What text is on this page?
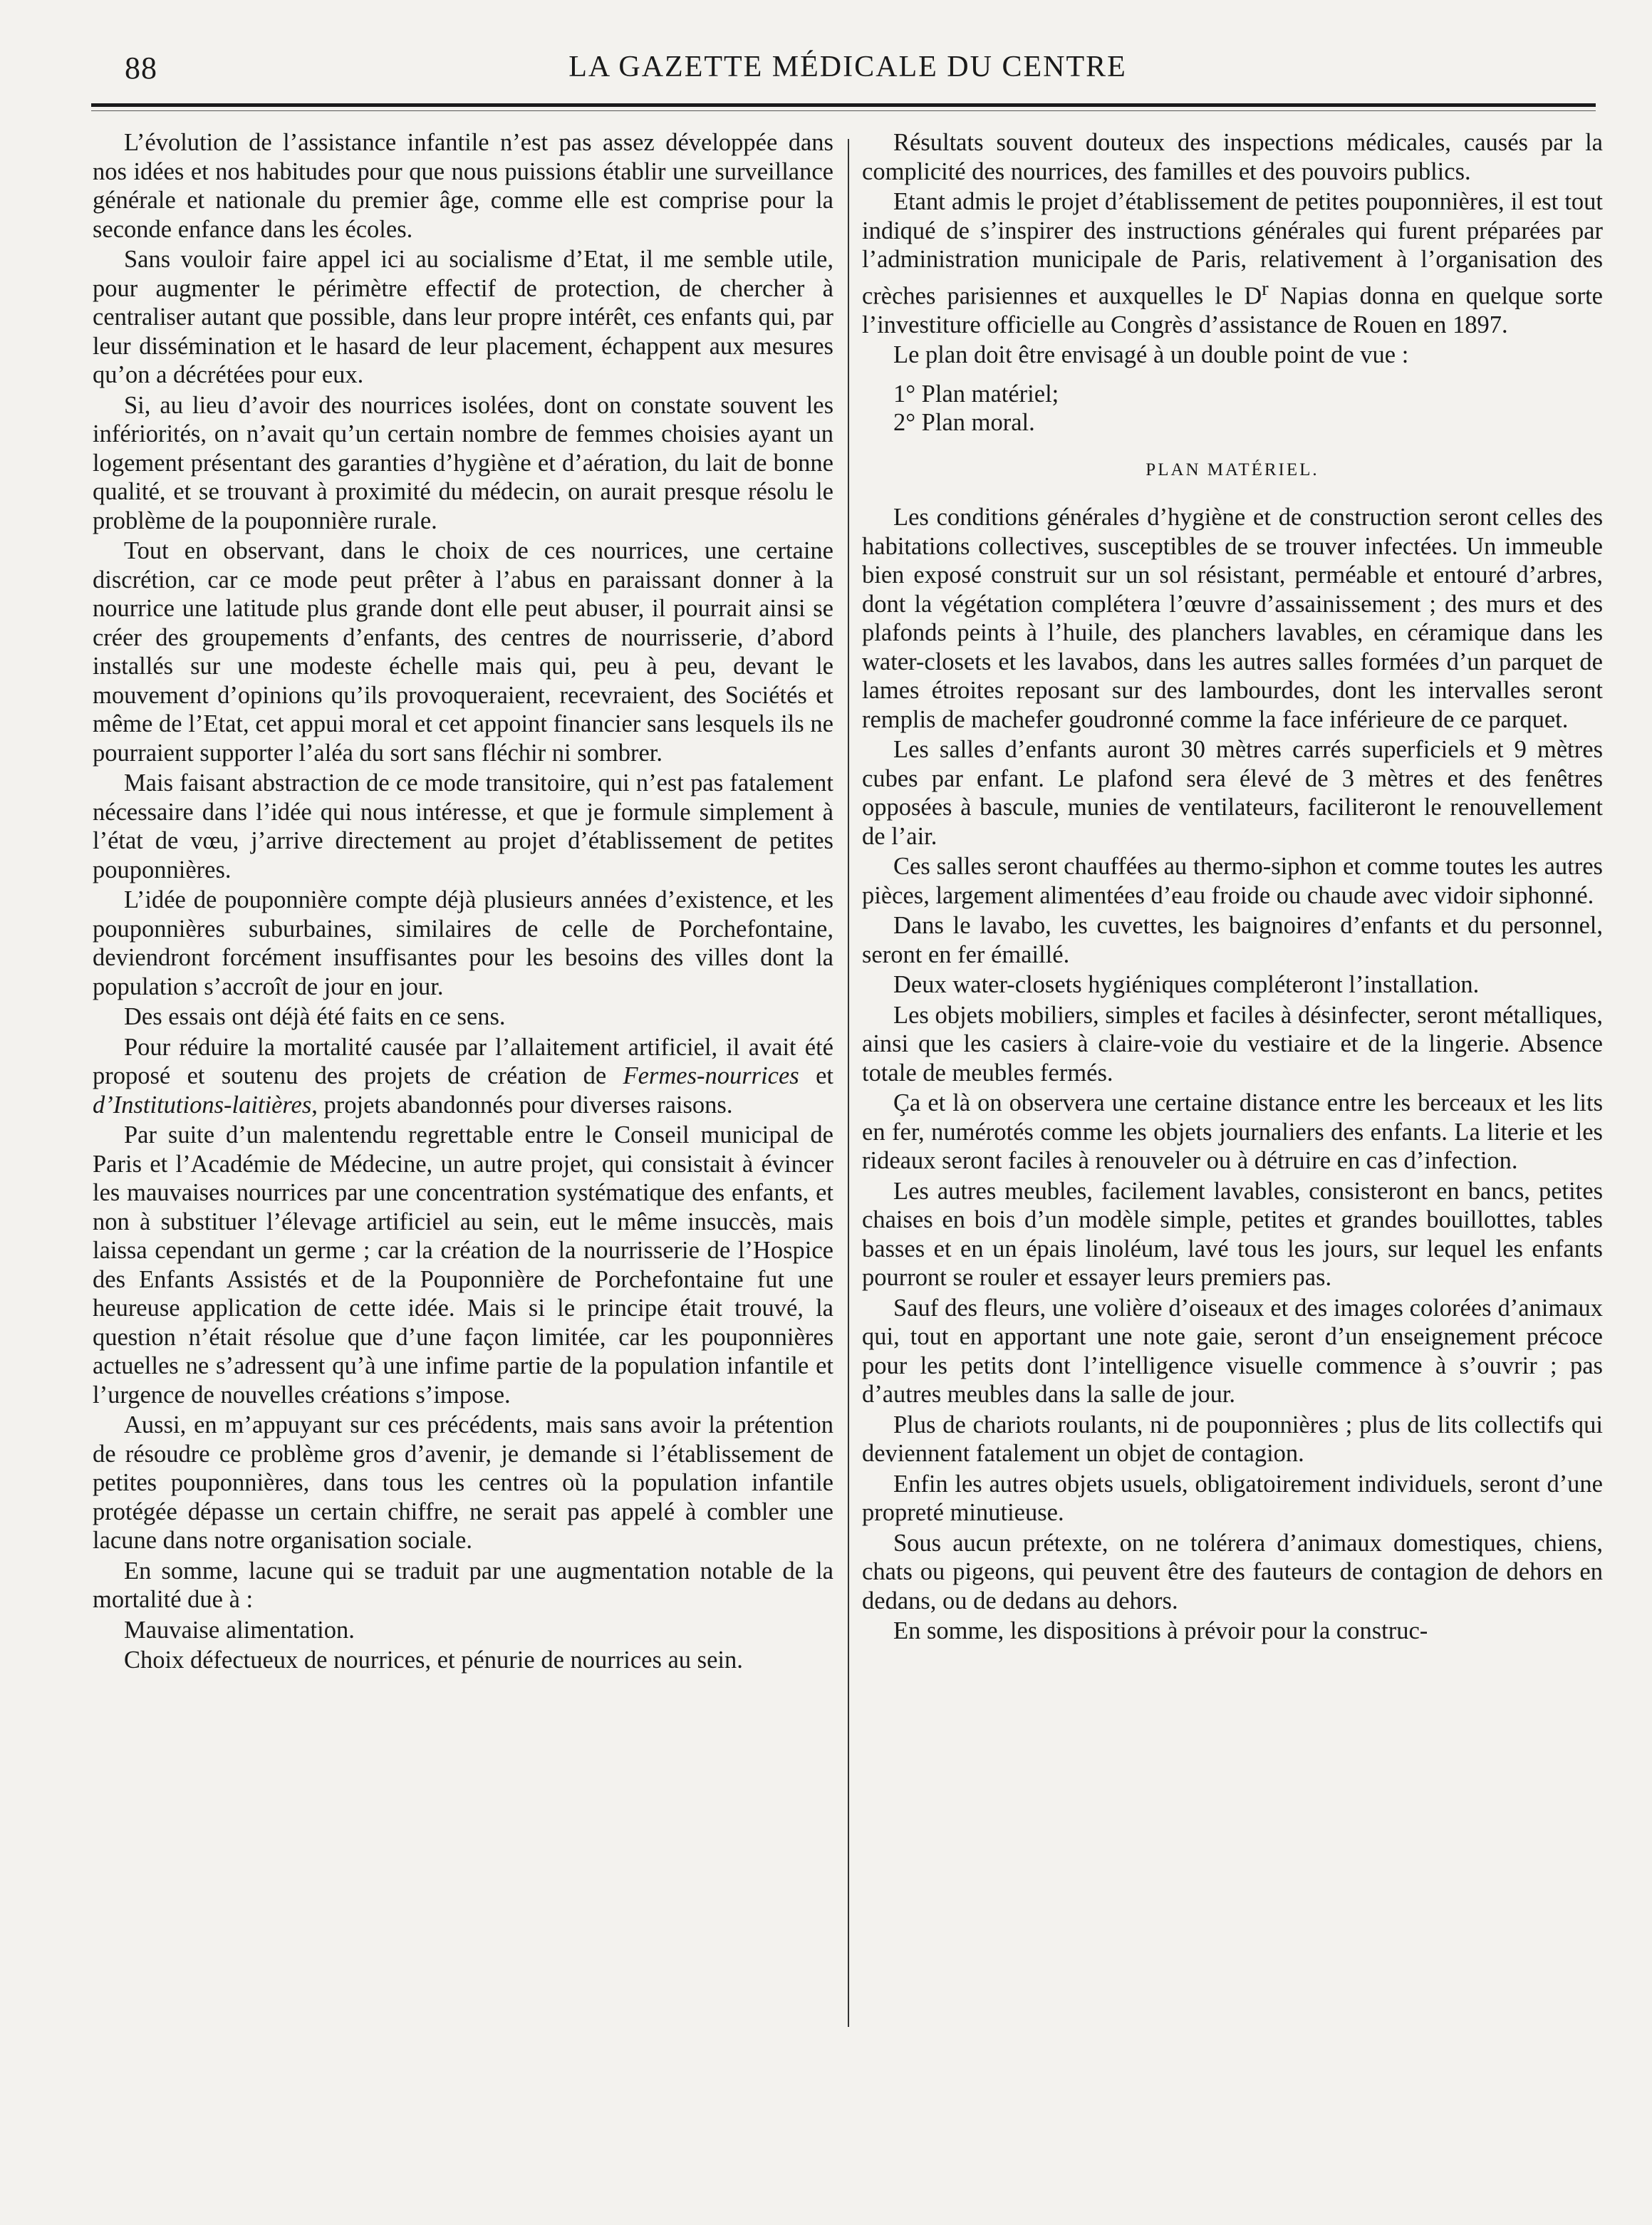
88	LA GAZETTE MÉDICALE DU CENTRE

L’évolution de l’assistance infantile n’est pas assez développée dans nos idées et nos habitudes pour que nous puissions établir une surveillance générale et nationale du premier âge, comme elle est comprise pour la seconde enfance dans les écoles.

Sans vouloir faire appel ici au socialisme d’Etat, il me semble utile, pour augmenter le périmètre effectif de protection, de chercher à centraliser autant que possible, dans leur propre intérêt, ces enfants qui, par leur dissémination et le hasard de leur placement, échappent aux mesures qu’on a décrétées pour eux.

Si, au lieu d’avoir des nourrices isolées, dont on constate souvent les infériorités, on n’avait qu’un certain nombre de femmes choisies ayant un logement présentant des garanties d’hygiène et d’aération, du lait de bonne qualité, et se trouvant à proximité du médecin, on aurait presque résolu le problème de la pouponnière rurale.

Tout en observant, dans le choix de ces nourrices, une certaine discrétion, car ce mode peut prêter à l’abus en paraissant donner à la nourrice une latitude plus grande dont elle peut abuser, il pourrait ainsi se créer des groupements d’enfants, des centres de nourrisserie, d’abord installés sur une modeste échelle mais qui, peu à peu, devant le mouvement d’opinions qu’ils provoqueraient, recevraient, des Sociétés et même de l’Etat, cet appui moral et cet appoint financier sans lesquels ils ne pourraient supporter l’aléa du sort sans fléchir ni sombrer.

Mais faisant abstraction de ce mode transitoire, qui n’est pas fatalement nécessaire dans l’idée qui nous intéresse, et que je formule simplement à l’état de vœu, j’arrive directement au projet d’établissement de petites pouponnières.

L’idée de pouponnière compte déjà plusieurs années d’existence, et les pouponnières suburbaines, similaires de celle de Porchefontaine, deviendront forcément insuffisantes pour les besoins des villes dont la population s’accroît de jour en jour.

Des essais ont déjà été faits en ce sens.

Pour réduire la mortalité causée par l’allaitement artificiel, il avait été proposé et soutenu des projets de création de Fermes-nourrices et d’Institutions-laitières, projets abandonnés pour diverses raisons.

Par suite d’un malentendu regrettable entre le Conseil municipal de Paris et l’Académie de Médecine, un autre projet, qui consistait à évincer les mauvaises nourrices par une concentration systématique des enfants, et non à substituer l’élevage artificiel au sein, eut le même insuccès, mais laissa cependant un germe ; car la création de la nourrisserie de l’Hospice des Enfants Assistés et de la Pouponnière de Porchefontaine fut une heureuse application de cette idée. Mais si le principe était trouvé, la question n’était résolue que d’une façon limitée, car les pouponnières actuelles ne s’adressent qu’à une infime partie de la population infantile et l’urgence de nouvelles créations s’impose.

Aussi, en m’appuyant sur ces précédents, mais sans avoir la prétention de résoudre ce problème gros d’avenir, je demande si l’établissement de petites pouponnières, dans tous les centres où la population infantile protégée dépasse un certain chiffre, ne serait pas appelé à combler une lacune dans notre organisation sociale.

En somme, lacune qui se traduit par une augmentation notable de la mortalité due à :

Mauvaise alimentation.

Choix défectueux de nourrices, et pénurie de nourrices au sein.

Résultats souvent douteux des inspections médicales, causés par la complicité des nourrices, des familles et des pouvoirs publics.

Etant admis le projet d’établissement de petites pouponnières, il est tout indiqué de s’inspirer des instructions générales qui furent préparées par l’administration municipale de Paris, relativement à l’organisation des crèches parisiennes et auxquelles le $D^r$ Napias donna en quelque sorte l’investiture officielle au Congrès d’assistance de Rouen en 1897.

Le plan doit être envisagé à un double point de vue :

1° Plan matériel;

2° Plan moral.

PLAN MATÉRIEL.

Les conditions générales d’hygiène et de construction seront celles des habitations collectives, susceptibles de se trouver infectées. Un immeuble bien exposé construit sur un sol résistant, perméable et entouré d’arbres, dont la végétation complétera l’œuvre d’assainissement ; des murs et des plafonds peints à l’huile, des planchers lavables, en céramique dans les water-closets et les lavabos, dans les autres salles formées d’un parquet de lames étroites reposant sur des lambourdes, dont les intervalles seront remplis de machefer goudronné comme la face inférieure de ce parquet.

Les salles d’enfants auront 30 mètres carrés superficiels et 9 mètres cubes par enfant. Le plafond sera élevé de 3 mètres et des fenêtres opposées à bascule, munies de ventilateurs, faciliteront le renouvellement de l’air.

Ces salles seront chauffées au thermo-siphon et comme toutes les autres pièces, largement alimentées d’eau froide ou chaude avec vidoir siphonné.

Dans le lavabo, les cuvettes, les baignoires d’enfants et du personnel, seront en fer émaillé.

Deux water-closets hygiéniques compléteront l’installation.

Les objets mobiliers, simples et faciles à désinfecter, seront métalliques, ainsi que les casiers à claire-voie du vestiaire et de la lingerie. Absence totale de meubles fermés.

Ça et là on observera une certaine distance entre les berceaux et les lits en fer, numérotés comme les objets journaliers des enfants. La literie et les rideaux seront faciles à renouveler ou à détruire en cas d’infection.

Les autres meubles, facilement lavables, consisteront en bancs, petites chaises en bois d’un modèle simple, petites et grandes bouillottes, tables basses et en un épais linoléum, lavé tous les jours, sur lequel les enfants pourront se rouler et essayer leurs premiers pas.

Sauf des fleurs, une volière d’oiseaux et des images colorées d’animaux qui, tout en apportant une note gaie, seront d’un enseignement précoce pour les petits dont l’intelligence visuelle commence à s’ouvrir ; pas d’autres meubles dans la salle de jour.

Plus de chariots roulants, ni de pouponnières ; plus de lits collectifs qui deviennent fatalement un objet de contagion.

Enfin les autres objets usuels, obligatoirement individuels, seront d’une propreté minutieuse.

Sous aucun prétexte, on ne tolérera d’animaux domestiques, chiens, chats ou pigeons, qui peuvent être des fauteurs de contagion de dehors en dedans, ou de dedans au dehors.

En somme, les dispositions à prévoir pour la construc-
